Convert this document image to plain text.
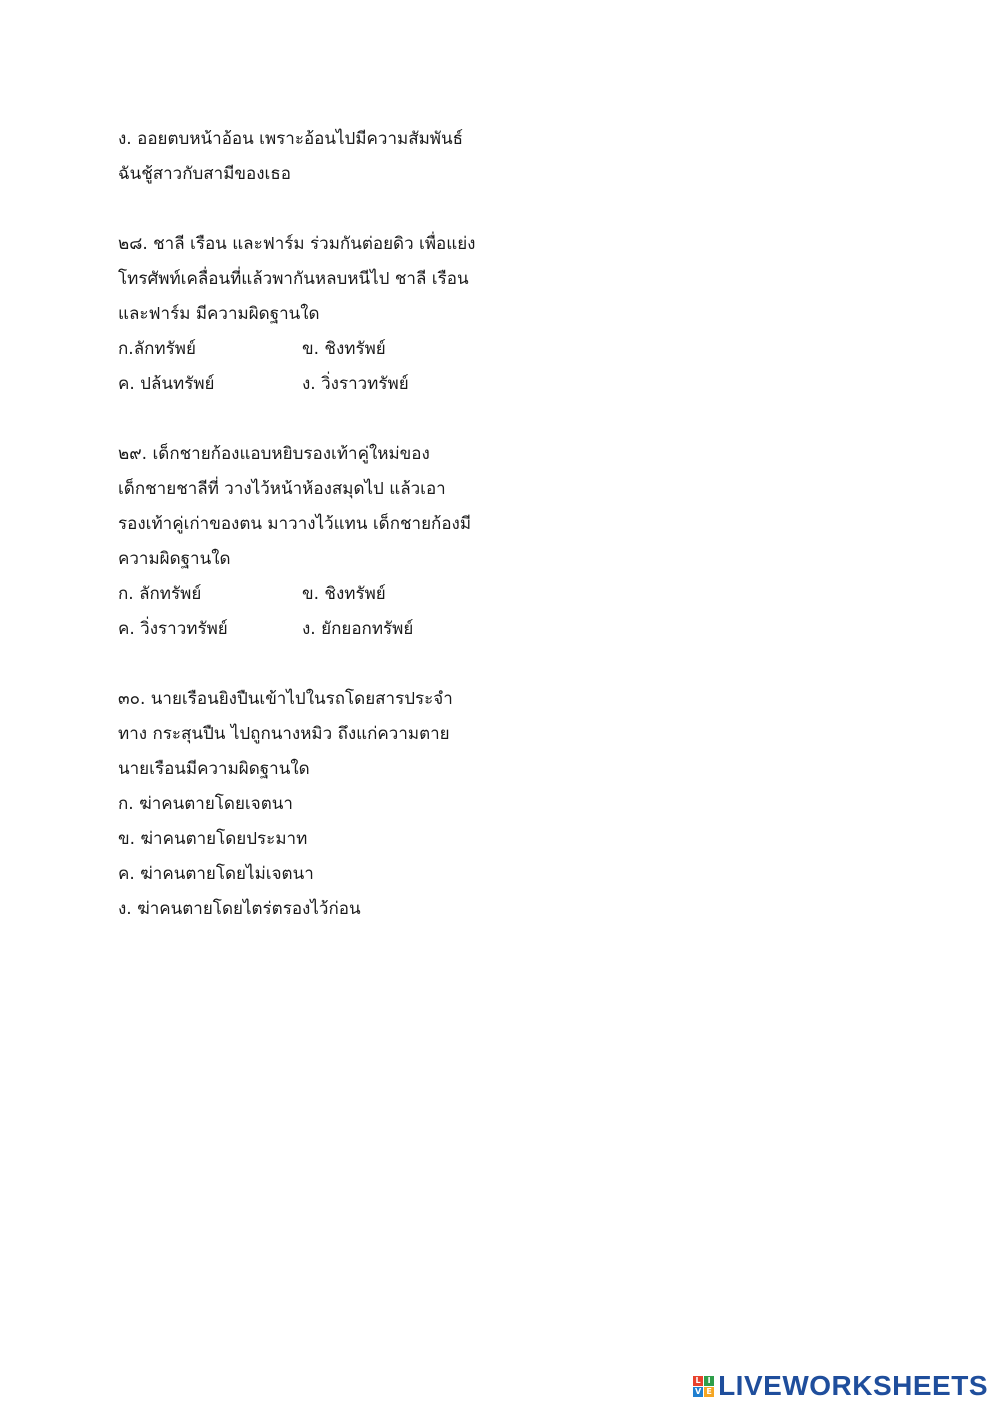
ง. ออยตบหน้าอ้อน เพราะอ้อนไปมีความสัมพันธ์
ฉันชู้สาวกับสามีของเธอ
๒๘. ชาลี เรือน และฟาร์ม ร่วมกันต่อยดิว เพื่อแย่ง
โทรศัพท์เคลื่อนที่แล้วพากันหลบหนีไป ชาลี เรือน
และฟาร์ม มีความผิดฐานใด
ก.ลักทรัพย์	ข. ชิงทรัพย์
ค. ปล้นทรัพย์	ง. วิ่งราวทรัพย์
๒๙. เด็กชายก้องแอบหยิบรองเท้าคู่ใหม่ของ
เด็กชายชาลีที่ วางไว้หน้าห้องสมุดไป แล้วเอา
รองเท้าคู่เก่าของตน มาวางไว้แทน เด็กชายก้องมี
ความผิดฐานใด
ก. ลักทรัพย์	ข. ชิงทรัพย์
ค. วิ่งราวทรัพย์	ง. ยักยอกทรัพย์
๓๐. นายเรือนยิงปืนเข้าไปในรถโดยสารประจำ
ทาง กระสุนปืน ไปถูกนางหมิว ถึงแก่ความตาย
นายเรือนมีความผิดฐานใด
ก. ฆ่าคนตายโดยเจตนา
ข. ฆ่าคนตายโดยประมาท
ค. ฆ่าคนตายโดยไม่เจตนา
ง. ฆ่าคนตายโดยไตร่ตรองไว้ก่อน
L I
V E LIVEWORKSHEETS
